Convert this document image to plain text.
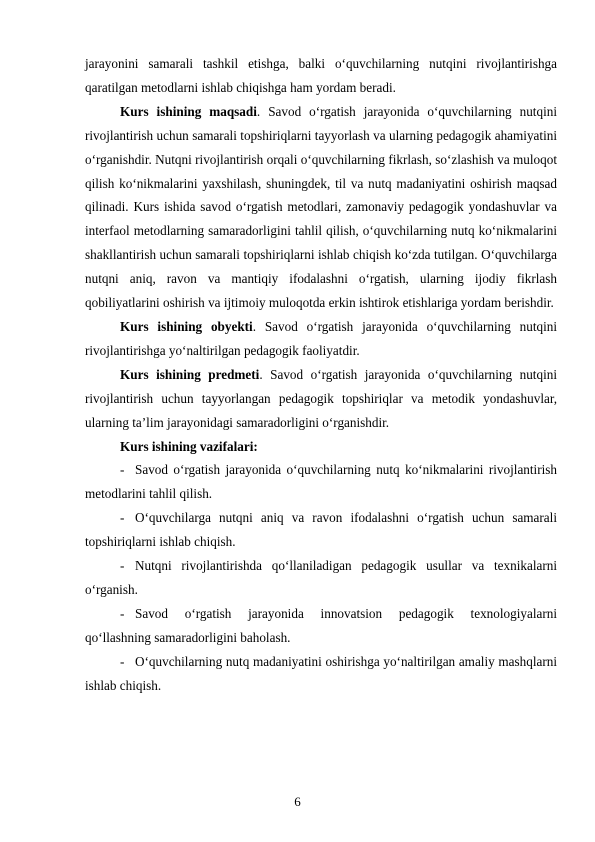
jarayonini samarali tashkil etishga, balki o‘quvchilarning nutqini rivojlantirishga qaratilgan metodlarni ishlab chiqishga ham yordam beradi.

Kurs ishining maqsadi. Savod o‘rgatish jarayonida o‘quvchilarning nutqini rivojlantirish uchun samarali topshiriqlarni tayyorlash va ularning pedagogik ahamiyatini o‘rganishdir. Nutqni rivojlantirish orqali o‘quvchilarning fikrlash, so‘zlashish va muloqot qilish ko‘nikmalarini yaxshilash, shuningdek, til va nutq madaniyatini oshirish maqsad qilinadi. Kurs ishida savod o‘rgatish metodlari, zamonaviy pedagogik yondashuvlar va interfaol metodlarning samaradorligini tahlil qilish, o‘quvchilarning nutq ko‘nikmalarini shakllantirish uchun samarali topshiriqlarni ishlab chiqish ko‘zda tutilgan. O‘quvchilarga nutqni aniq, ravon va mantiqiy ifodalashni o‘rgatish, ularning ijodiy fikrlash qobiliyatlarini oshirish va ijtimoiy muloqotda erkin ishtirok etishlariga yordam berishdir.

Kurs ishining obyekti. Savod o‘rgatish jarayonida o‘quvchilarning nutqini rivojlantirishga yo‘naltirilgan pedagogik faoliyatdir.

Kurs ishining predmeti. Savod o‘rgatish jarayonida o‘quvchilarning nutqini rivojlantirish uchun tayyorlangan pedagogik topshiriqlar va metodik yondashuvlar, ularning ta’lim jarayonidagi samaradorligini o‘rganishdir.

Kurs ishining vazifalari:

- Savod o‘rgatish jarayonida o‘quvchilarning nutq ko‘nikmalarini rivojlantirish metodlarini tahlil qilish.

- O‘quvchilarga nutqni aniq va ravon ifodalashni o‘rgatish uchun samarali topshiriqlarni ishlab chiqish.

- Nutqni rivojlantirishda qo‘llaniladigan pedagogik usullar va texnikalarni o‘rganish.

- Savod o‘rgatish jarayonida innovatsion pedagogik texnologiyalarni qo‘llashning samaradorligini baholash.

- O‘quvchilarning nutq madaniyatini oshirishga yo‘naltirilgan amaliy mashqlarni ishlab chiqish.

6
